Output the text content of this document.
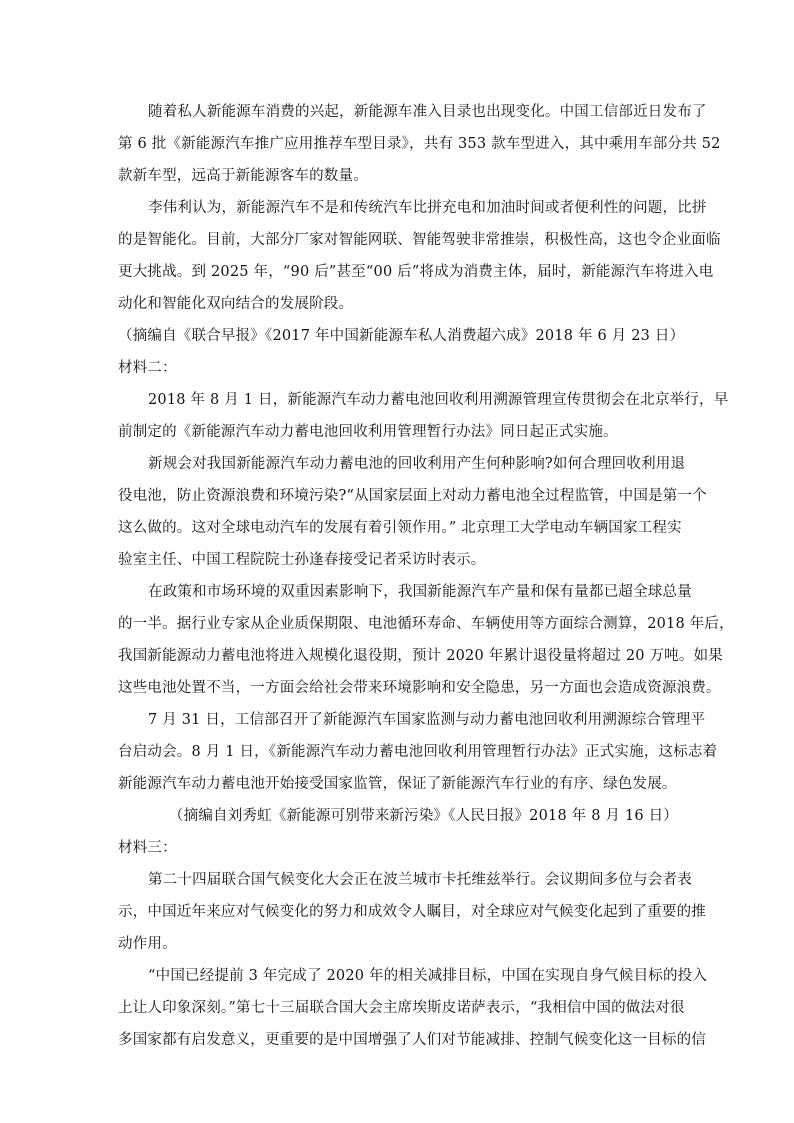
随着私人新能源车消费的兴起，新能源车准入目录也出现变化。中国工信部近日发布了
第 6 批《新能源汽车推广应用推荐车型目录》，共有 353 款车型进入，其中乘用车部分共 52
款新车型，远高于新能源客车的数量。
李伟利认为，新能源汽车不是和传统汽车比拼充电和加油时间或者便利性的问题，比拼
的是智能化。目前，大部分厂家对智能网联、智能驾驶非常推崇，积极性高，这也令企业面临
更大挑战。到 2025 年，“90 后”甚至“00 后”将成为消费主体，届时，新能源汽车将进入电
动化和智能化双向结合的发展阶段。
（摘编自《联合早报》《2017 年中国新能源车私人消费超六成》2018 年 6 月 23 日）
材料二：
2018 年 8 月 1 日，新能源汽车动力蓄电池回收利用溯源管理宣传贯彻会在北京举行，早
前制定的《新能源汽车动力蓄电池回收利用管理暂行办法》同日起正式实施。
新规会对我国新能源汽车动力蓄电池的回收利用产生何种影响?如何合理回收利用退
役电池，防止资源浪费和环境污染?“从国家层面上对动力蓄电池全过程监管，中国是第一个
这么做的。这对全球电动汽车的发展有着引领作用。” 北京理工大学电动车辆国家工程实
验室主任、中国工程院院士孙逢春接受记者采访时表示。
在政策和市场环境的双重因素影响下，我国新能源汽车产量和保有量都已超全球总量
的一半。据行业专家从企业质保期限、电池循环寿命、车辆使用等方面综合测算，2018 年后，
我国新能源动力蓄电池将进入规模化退役期，预计 2020 年累计退役量将超过 20 万吨。如果
这些电池处置不当，一方面会给社会带来环境影响和安全隐患，另一方面也会造成资源浪费。
7 月 31 日，工信部召开了新能源汽车国家监测与动力蓄电池回收利用溯源综合管理平
台启动会。8 月 1 日，《新能源汽车动力蓄电池回收利用管理暂行办法》正式实施，这标志着
新能源汽车动力蓄电池开始接受国家监管，保证了新能源汽车行业的有序、绿色发展。
（摘编自刘秀虹《新能源可别带来新污染》《人民日报》2018 年 8 月 16 日）
材料三：
第二十四届联合国气候变化大会正在波兰城市卡托维兹举行。会议期间多位与会者表
示，中国近年来应对气候变化的努力和成效令人瞩目，对全球应对气候变化起到了重要的推
动作用。
“中国已经提前 3 年完成了 2020 年的相关减排目标，中国在实现自身气候目标的投入
上让人印象深刻。”第七十三届联合国大会主席埃斯皮诺萨表示，“我相信中国的做法对很
多国家都有启发意义，更重要的是中国增强了人们对节能减排、控制气候变化这一目标的信
